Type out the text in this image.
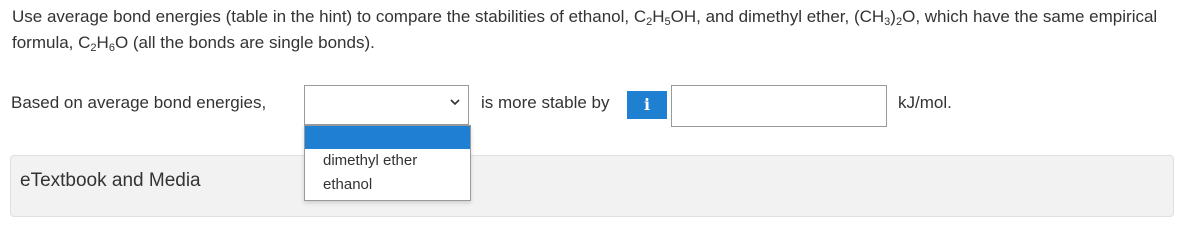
Use average bond energies (table in the hint) to compare the stabilities of ethanol, $C_2H_5OH$, and dimethyl ether, $(CH_3)_2O$, which have the same empirical formula, $C_2H_6O$ (all the bonds are single bonds).
Based on average bond energies,	is more stable by	i	kJ/mol.
eTextbook and Media
dimethyl ether
ethanol
